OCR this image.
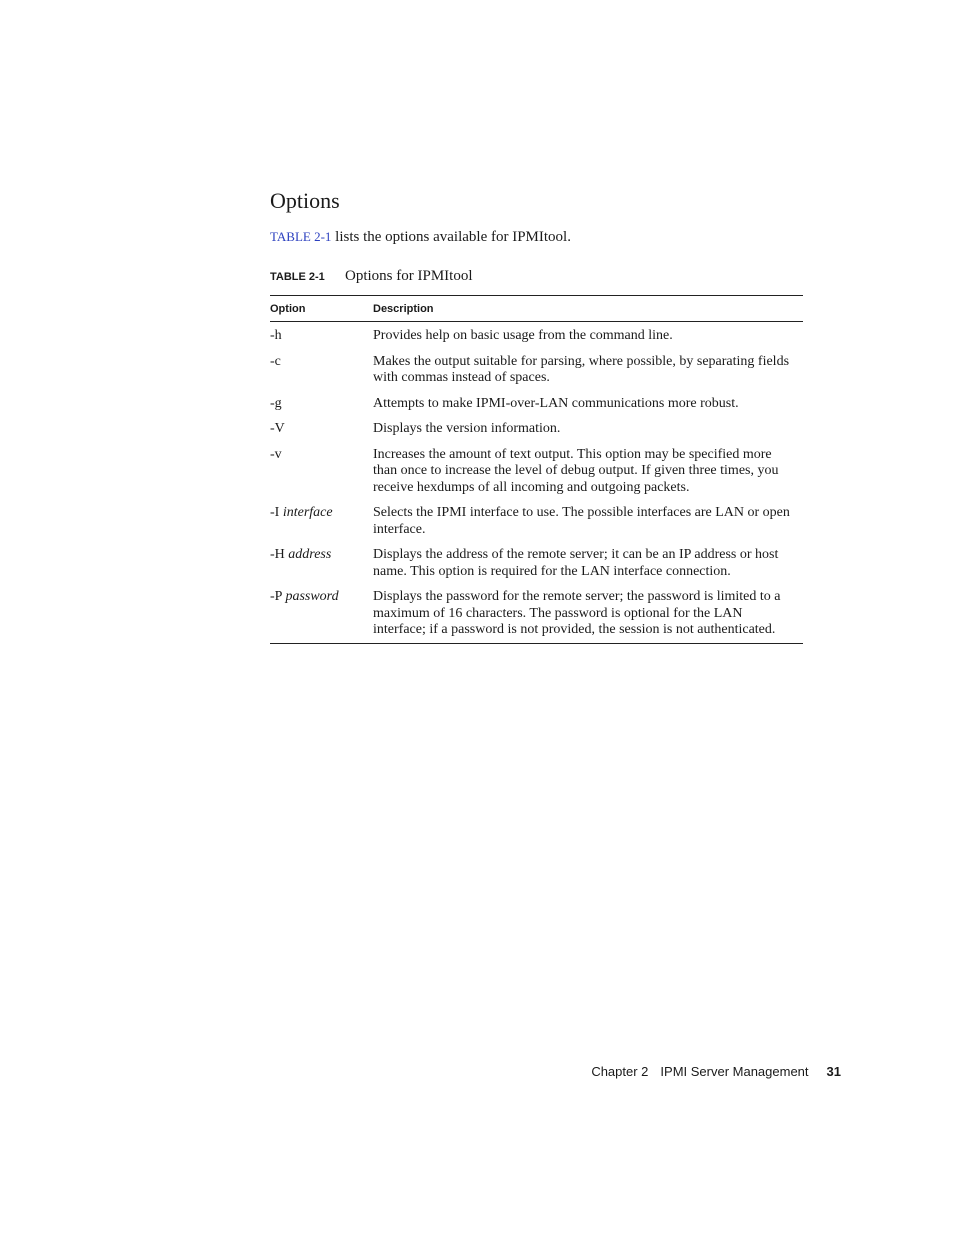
Options

TABLE 2-1 lists the options available for IPMItool.

TABLE 2-1 Options for IPMItool

Option	Description
-h	Provides help on basic usage from the command line.
-c	Makes the output suitable for parsing, where possible, by separating fields with commas instead of spaces.
-g	Attempts to make IPMI-over-LAN communications more robust.
-V	Displays the version information.
-v	Increases the amount of text output. This option may be specified more than once to increase the level of debug output. If given three times, you receive hexdumps of all incoming and outgoing packets.
-I interface	Selects the IPMI interface to use. The possible interfaces are LAN or open interface.
-H address	Displays the address of the remote server; it can be an IP address or host name. This option is required for the LAN interface connection.
-P password	Displays the password for the remote server; the password is limited to a maximum of 16 characters. The password is optional for the LAN interface; if a password is not provided, the session is not authenticated.
Chapter 2 IPMI Server Management 31
